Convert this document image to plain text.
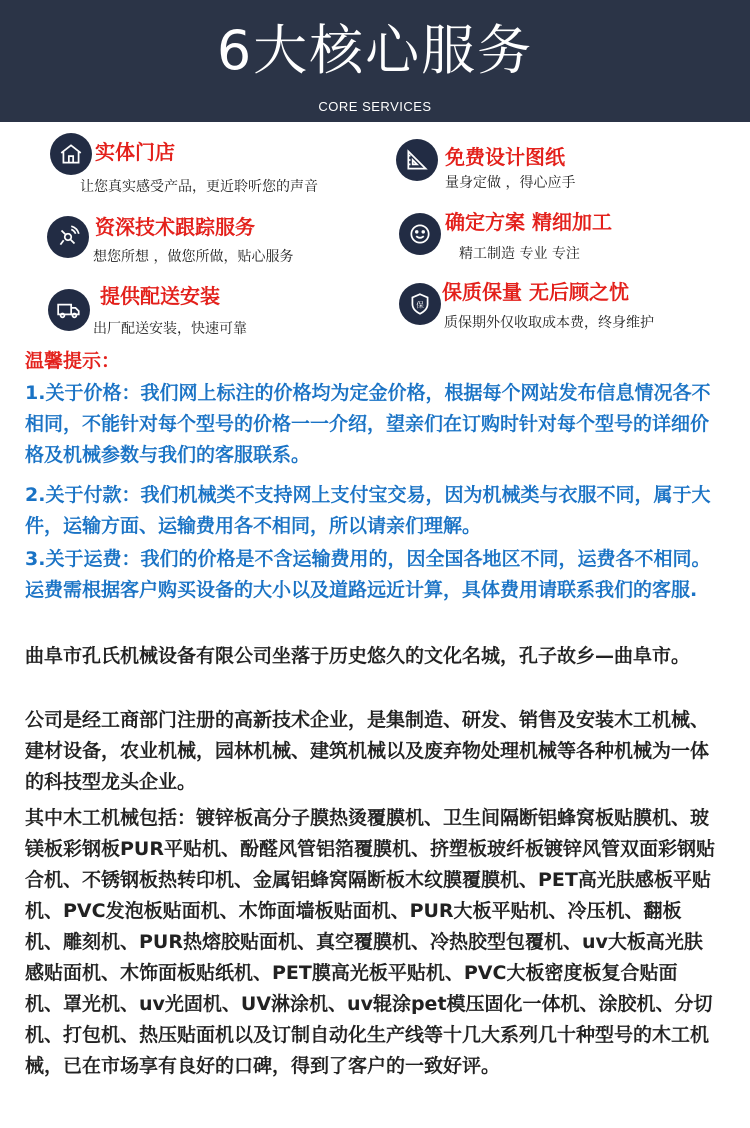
6大核心服务
CORE SERVICES
实体门店
让您真实感受产品，更近聆听您的声音
免费设计图纸
量身定做 ，得心应手
资深技术跟踪服务
想您所想 ，做您所做，贴心服务
确定方案 精细加工
精工制造 专业 专注
提供配送安装
出厂配送安装，快速可靠
保
保质保量 无后顾之忧
质保期外仅收取成本费，终身维护
温馨提示：
1.关于价格：我们网上标注的价格均为定金价格，根据每个网站发布信息情况各不相同，不能针对每个型号的价格一一介绍，望亲们在订购时针对每个型号的详细价格及机械参数与我们的客服联系。
2.关于付款：我们机械类不支持网上支付宝交易，因为机械类与衣服不同，属于大件，运输方面、运输费用各不相同，所以请亲们理解。
3.关于运费：我们的价格是不含运输费用的，因全国各地区不同，运费各不相同。运费需根据客户购买设备的大小以及道路远近计算，具体费用请联系我们的客服.
曲阜市孔氏机械设备有限公司坐落于历史悠久的文化名城，孔子故乡—曲阜市。
公司是经工商部门注册的高新技术企业，是集制造、研发、销售及安装木工机械、建材设备，农业机械，园林机械、建筑机械以及废弃物处理机械等各种机械为一体的科技型龙头企业。
其中木工机械包括：镀锌板高分子膜热烫覆膜机、卫生间隔断铝蜂窝板贴膜机、玻镁板彩钢板PUR平贴机、酚醛风管铝箔覆膜机、挤塑板玻纤板镀锌风管双面彩钢贴合机、不锈钢板热转印机、金属铝蜂窝隔断板木纹膜覆膜机、PET高光肤感板平贴机、PVC发泡板贴面机、木饰面墙板贴面机、PUR大板平贴机、冷压机、翻板机、雕刻机、PUR热熔胶贴面机、真空覆膜机、冷热胶型包覆机、uv大板高光肤感贴面机、木饰面板贴纸机、PET膜高光板平贴机、PVC大板密度板复合贴面机、罩光机、uv光固机、UV淋涂机、uv辊涂pet模压固化一体机、涂胶机、分切机、打包机、热压贴面机以及订制自动化生产线等十几大系列几十种型号的木工机械，已在市场享有良好的口碑，得到了客户的一致好评。
